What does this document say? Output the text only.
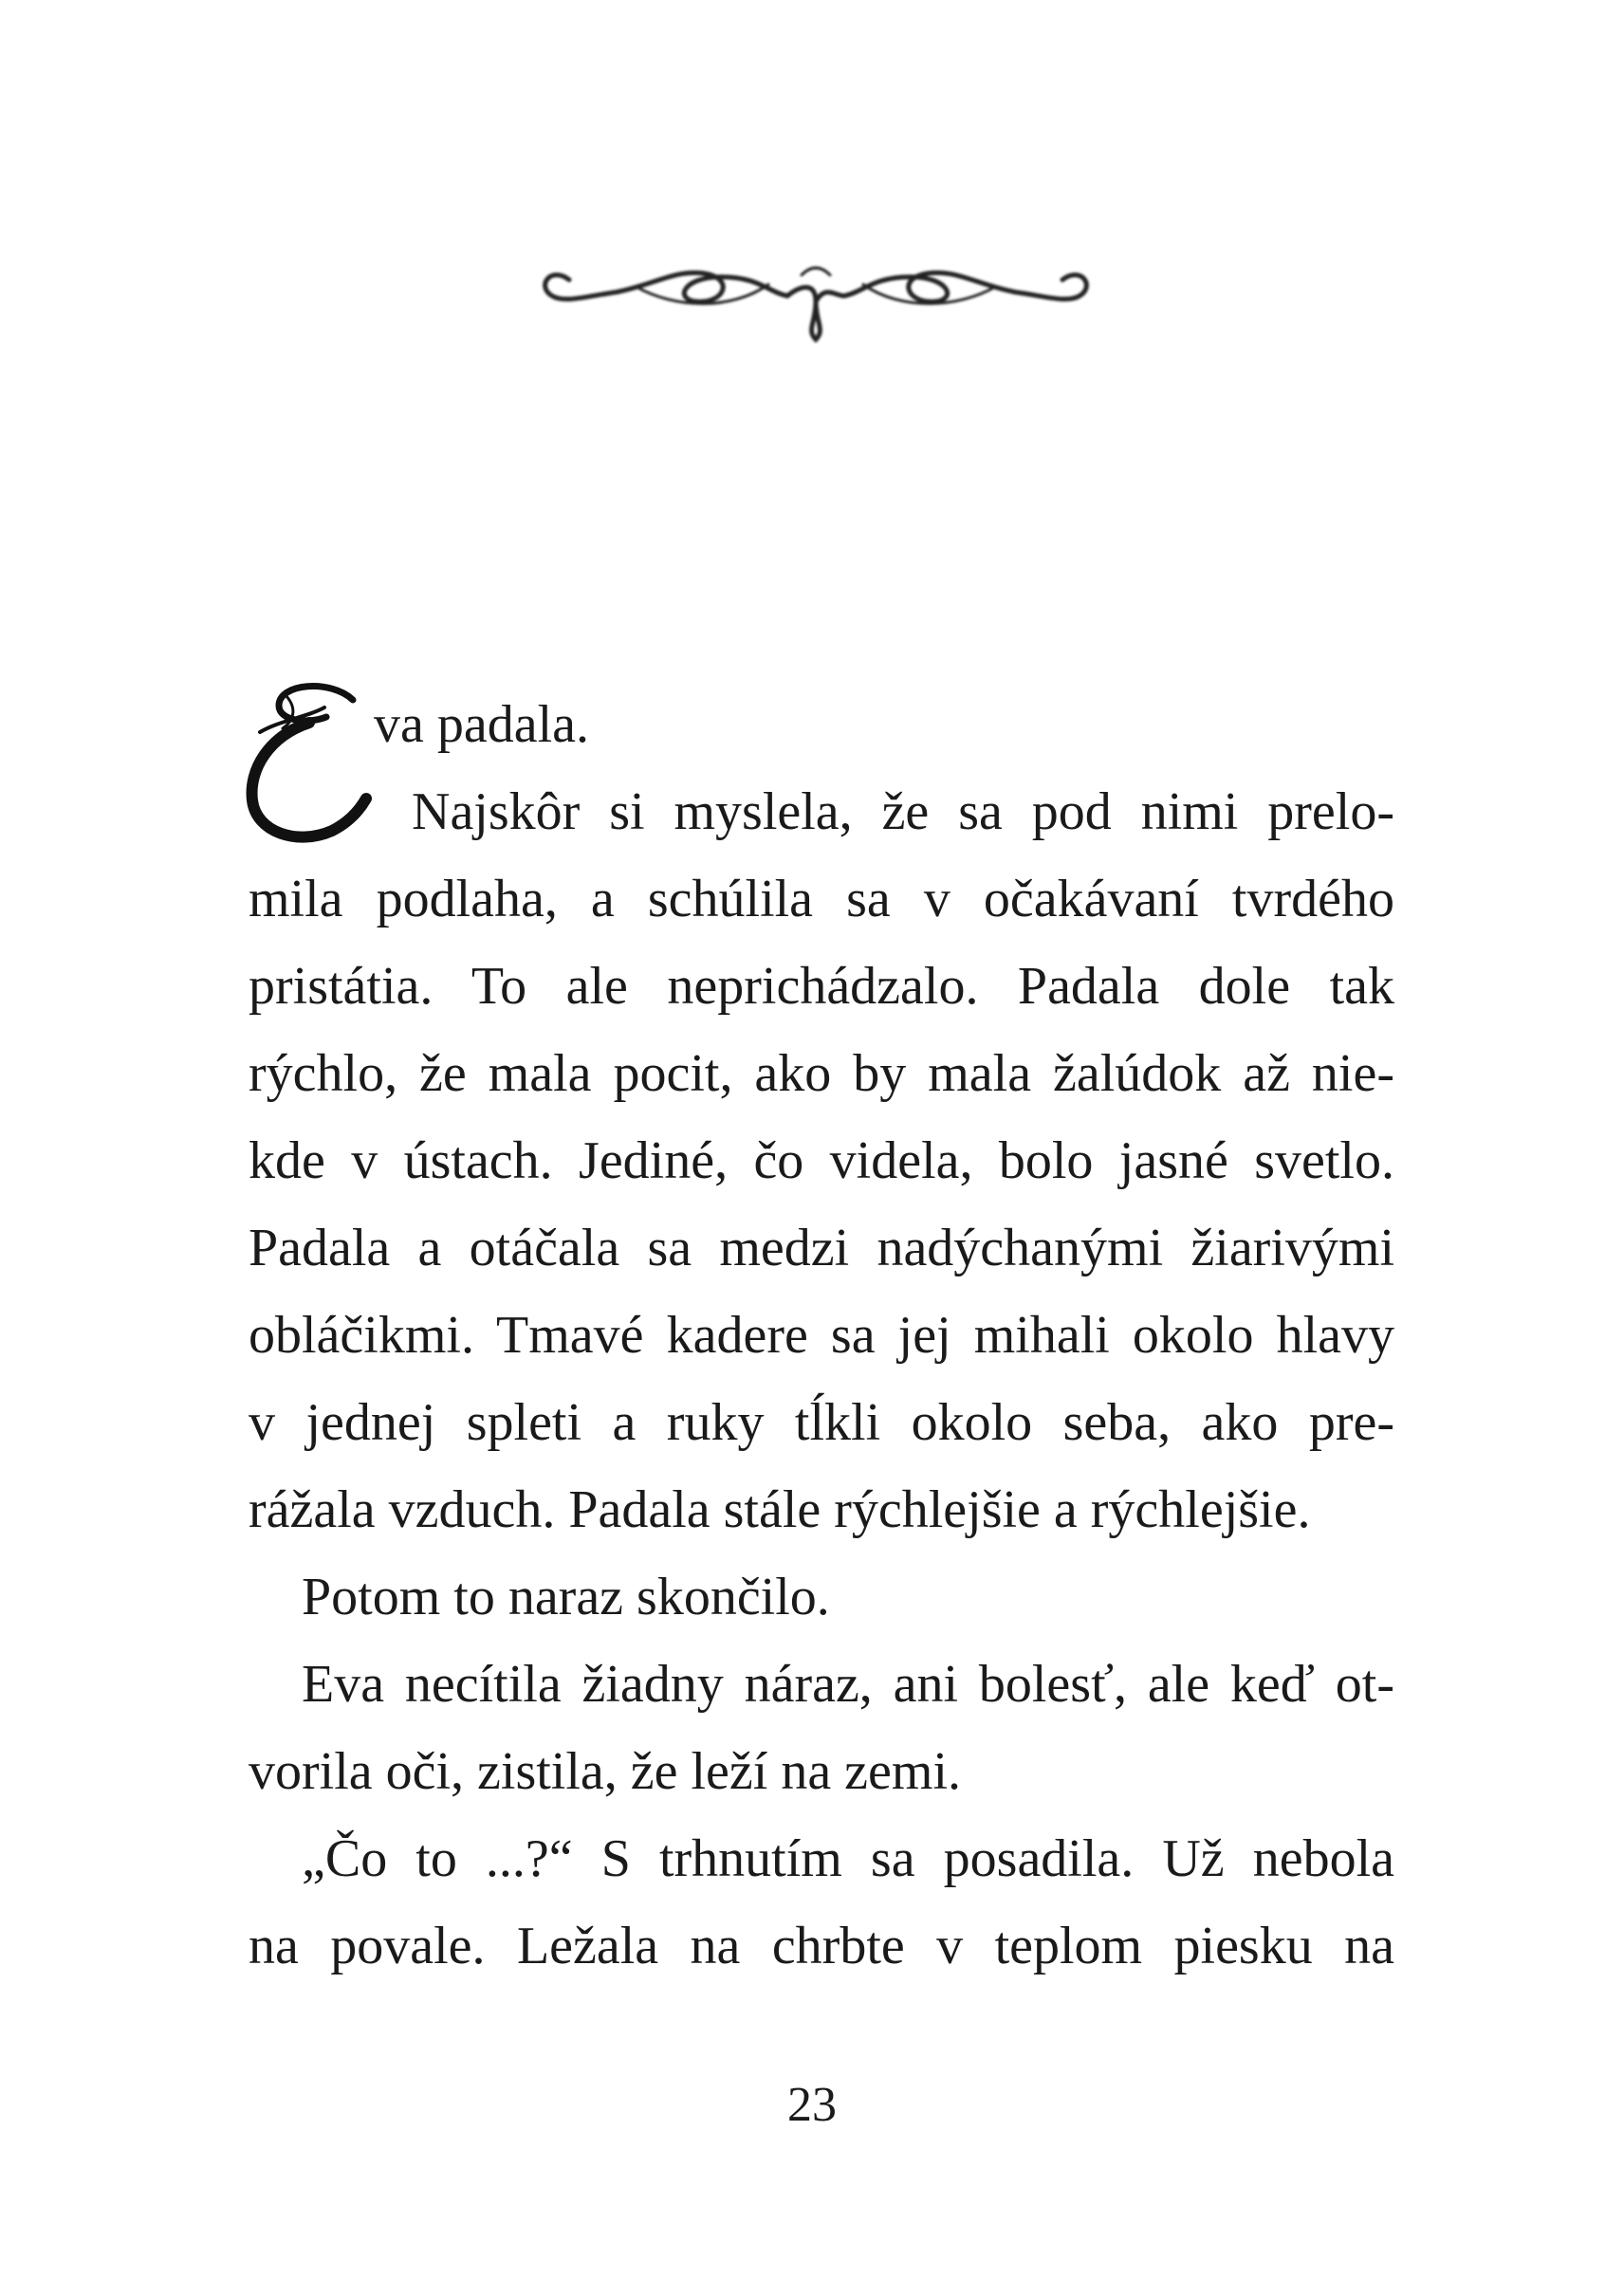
va padala.
Najskôr si myslela, že sa pod nimi prelo-
mila podlaha, a schúlila sa v očakávaní tvrdého
pristátia. To ale neprichádzalo. Padala dole tak
rýchlo, že mala pocit, ako by mala žalúdok až nie-
kde v ústach. Jediné, čo videla, bolo jasné svetlo.
Padala a otáčala sa medzi nadýchanými žiarivými
obláčikmi. Tmavé kadere sa jej mihali okolo hlavy
v jednej spleti a ruky tĺkli okolo seba, ako pre-
rážala vzduch. Padala stále rýchlejšie a rýchlejšie.
Potom to naraz skončilo.
Eva necítila žiadny náraz, ani bolesť, ale keď ot-
vorila oči, zistila, že leží na zemi.
„Čo to ...?“ S trhnutím sa posadila. Už nebola
na povale. Ležala na chrbte v teplom piesku na
23
